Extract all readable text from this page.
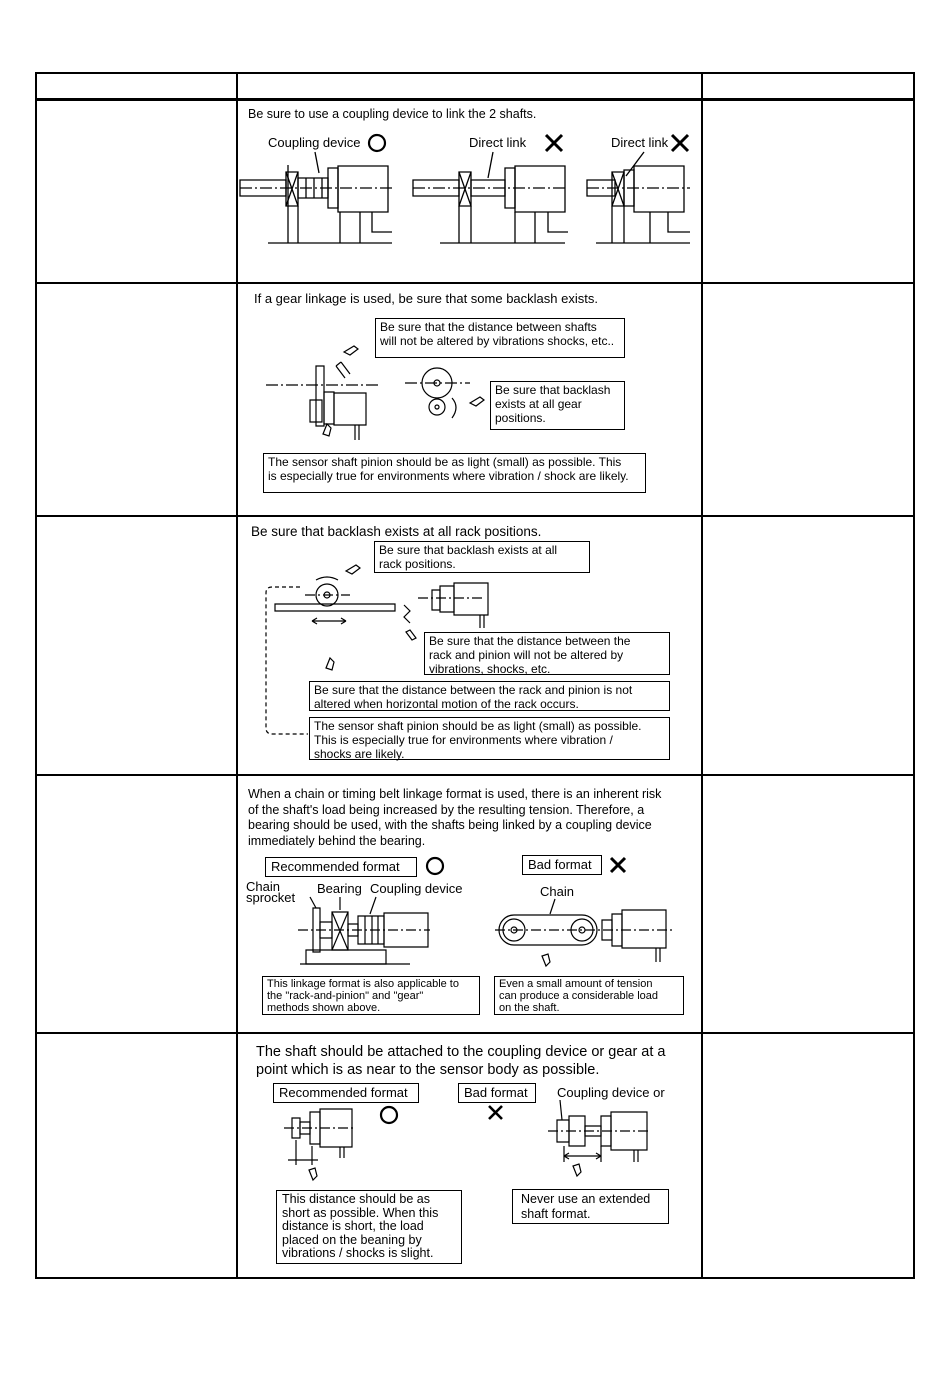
Be sure to use a coupling device to link the 2 shafts.
Coupling device	Direct link	Direct link
If a gear linkage is used, be sure that some backlash exists.
Be sure that the distance between shafts
will not be altered by vibrations shocks, etc..
Be sure that backlash
exists at all gear
positions.
The sensor shaft pinion should be as light (small) as possible. This
is especially true for environments where vibration / shock are likely.
Be sure that backlash exists at all rack positions.
Be sure that backlash exists at all
rack positions.
Be sure that the distance between the
rack and pinion will not be altered by
vibrations, shocks, etc.
Be sure that the distance between the rack and pinion is not
altered when horizontal motion of the rack occurs.
The sensor shaft pinion should be as light (small) as possible.
This is especially true for environments where vibration /
shocks are likely.
When a chain or timing belt linkage format is used, there is an inherent risk
of the shaft's load being increased by the resulting tension. Therefore, a
bearing should be used, with the shafts being linked by a coupling device
immediately behind the bearing.
Recommended format	Bad format
Chain
sprocket
Bearing Coupling device	Chain
This linkage format is also applicable to
the "rack-and-pinion" and "gear"
methods shown above.
Even a small amount of tension
can produce a considerable load
on the shaft.
The shaft should be attached to the coupling device or gear at a
point which is as near to the sensor body as possible.
Recommended format	Bad format Coupling device or
This distance should be as
short as possible. When this
distance is short, the load
placed on the beaning by
vibrations / shocks is slight.
Never use an extended
shaft format.
